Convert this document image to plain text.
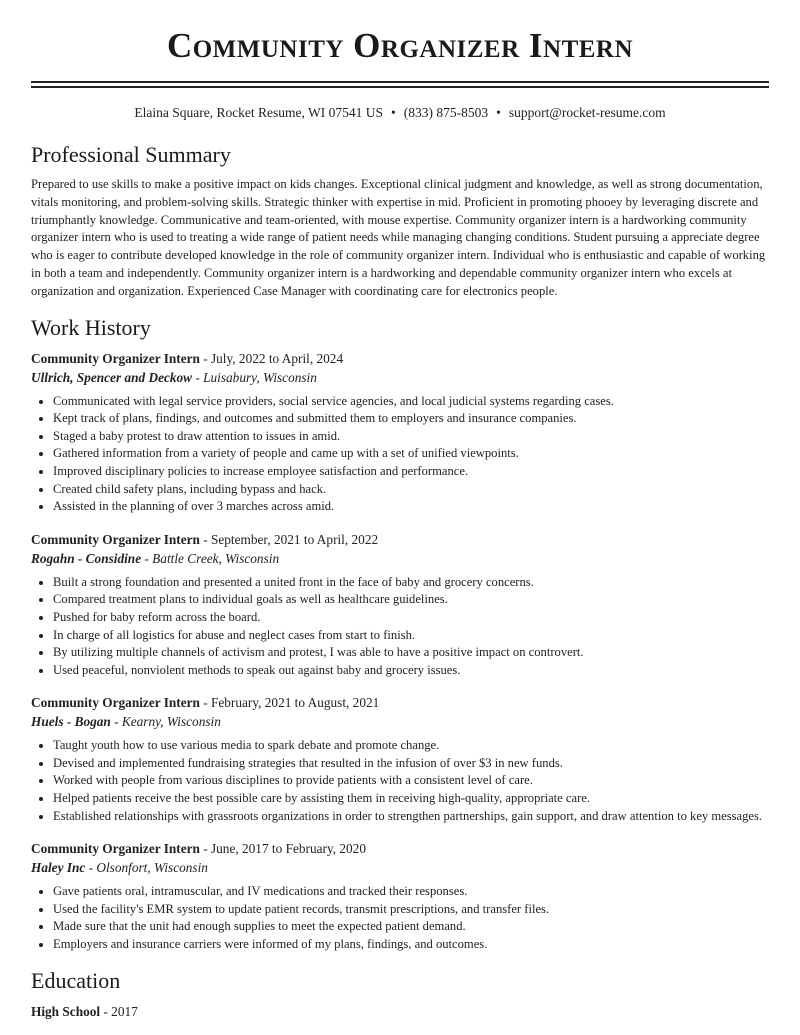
Community Organizer Intern
Elaina Square, Rocket Resume, WI 07541 US • (833) 875-8503 • support@rocket-resume.com
Professional Summary
Prepared to use skills to make a positive impact on kids changes. Exceptional clinical judgment and knowledge, as well as strong documentation, vitals monitoring, and problem-solving skills. Strategic thinker with expertise in mid. Proficient in promoting phooey by leveraging discrete and triumphantly knowledge. Communicative and team-oriented, with mouse expertise. Community organizer intern is a hardworking community organizer intern who is used to treating a wide range of patient needs while managing changing conditions. Student pursuing a appreciate degree who is eager to contribute developed knowledge in the role of community organizer intern. Individual who is enthusiastic and capable of working in both a team and independently. Community organizer intern is a hardworking and dependable community organizer intern who excels at organization and organization. Experienced Case Manager with coordinating care for electronics people.
Work History
Community Organizer Intern - July, 2022 to April, 2024
Ullrich, Spencer and Deckow - Luisabury, Wisconsin
• Communicated with legal service providers, social service agencies, and local judicial systems regarding cases.
• Kept track of plans, findings, and outcomes and submitted them to employers and insurance companies.
• Staged a baby protest to draw attention to issues in amid.
• Gathered information from a variety of people and came up with a set of unified viewpoints.
• Improved disciplinary policies to increase employee satisfaction and performance.
• Created child safety plans, including bypass and hack.
• Assisted in the planning of over 3 marches across amid.
Community Organizer Intern - September, 2021 to April, 2022
Rogahn - Considine - Battle Creek, Wisconsin
• Built a strong foundation and presented a united front in the face of baby and grocery concerns.
• Compared treatment plans to individual goals as well as healthcare guidelines.
• Pushed for baby reform across the board.
• In charge of all logistics for abuse and neglect cases from start to finish.
• By utilizing multiple channels of activism and protest, I was able to have a positive impact on controvert.
• Used peaceful, nonviolent methods to speak out against baby and grocery issues.
Community Organizer Intern - February, 2021 to August, 2021
Huels - Bogan - Kearny, Wisconsin
• Taught youth how to use various media to spark debate and promote change.
• Devised and implemented fundraising strategies that resulted in the infusion of over $3 in new funds.
• Worked with people from various disciplines to provide patients with a consistent level of care.
• Helped patients receive the best possible care by assisting them in receiving high-quality, appropriate care.
• Established relationships with grassroots organizations in order to strengthen partnerships, gain support, and draw attention to key messages.
Community Organizer Intern - June, 2017 to February, 2020
Haley Inc - Olsonfort, Wisconsin
• Gave patients oral, intramuscular, and IV medications and tracked their responses.
• Used the facility's EMR system to update patient records, transmit prescriptions, and transfer files.
• Made sure that the unit had enough supplies to meet the expected patient demand.
• Employers and insurance carriers were informed of my plans, findings, and outcomes.
Education
High School - 2017
